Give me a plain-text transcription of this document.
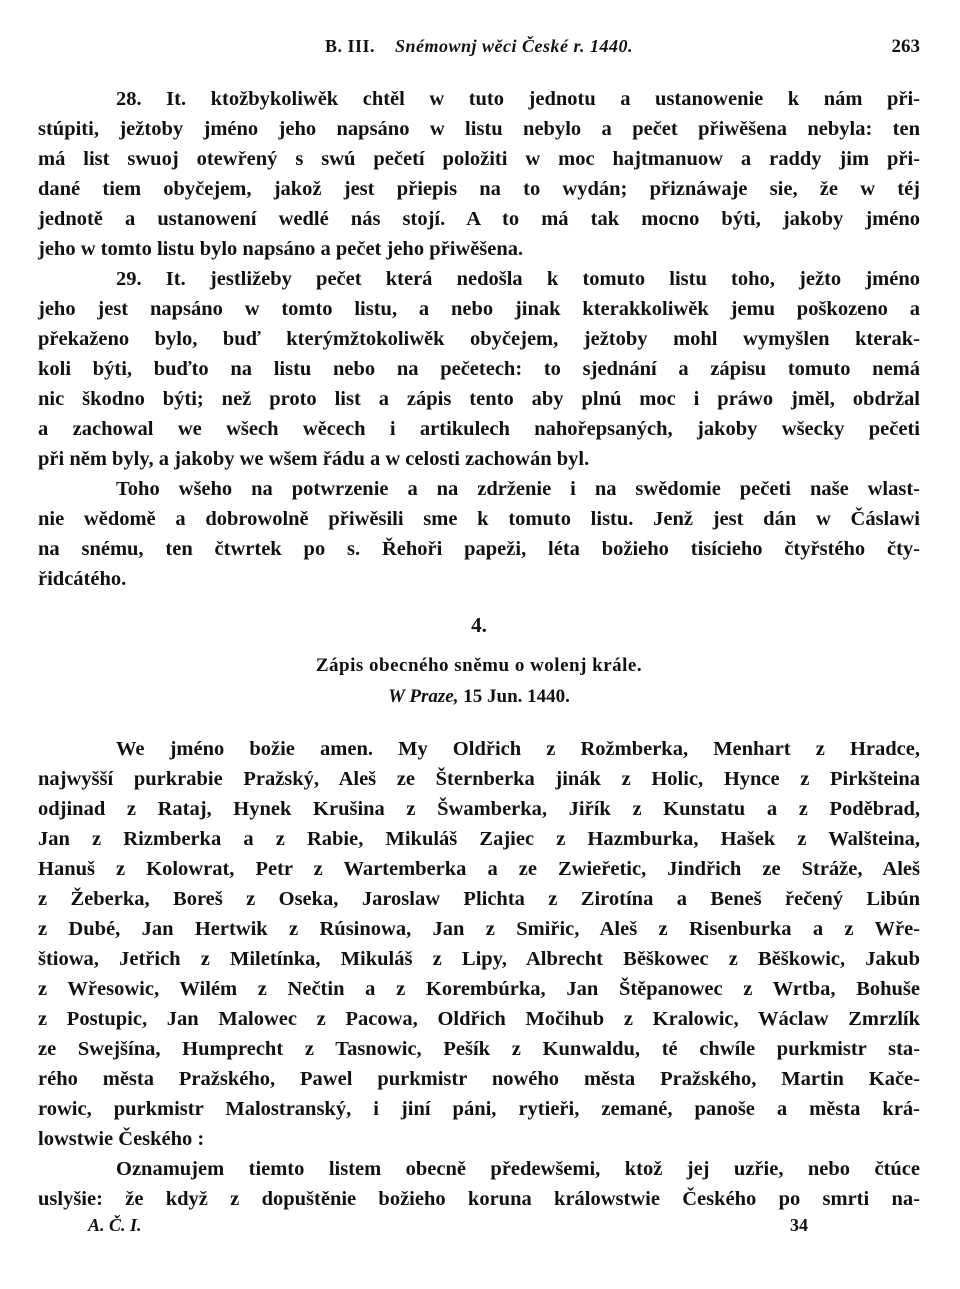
B. III. Snémownj wěci České r. 1440.	263
28. It. ktožbykoliwěk chtěl w tuto jednotu a ustanowenie k nám při-
stúpiti, ježtoby jméno jeho napsáno w listu nebylo a pečet přiwěšena nebyla: ten
má list swuoj otewřený s swú pečetí položiti w moc hajtmanuow a raddy jim při-
dané tiem obyčejem, jakož jest přiepis na to wydán; přiznáwaje sie, že w téj
jednotě a ustanowení wedlé nás stojí. A to má tak mocno býti, jakoby jméno
jeho w tomto listu bylo napsáno a pečet jeho přiwěšena.
29. It. jestližeby pečet která nedošla k tomuto listu toho, ježto jméno
jeho jest napsáno w tomto listu, a nebo jinak kterakkoliwěk jemu poškozeno a
překaženo bylo, buď kterýmžtokoliwěk obyčejem, ježtoby mohl wymyšlen kterak-
koli býti, buďto na listu nebo na pečetech: to sjednání a zápisu tomuto nemá
nic škodno býti; než proto list a zápis tento aby plnú moc i práwo jměl, obdržal
a zachowal we wšech wěcech i artikulech nahořepsaných, jakoby wšecky pečeti
při něm byly, a jakoby we wšem řádu a w celosti zachowán byl.
Toho wšeho na potwrzenie a na zdrženie i na swědomie pečeti naše wlast-
nie wědomě a dobrowolně přiwěsili sme k tomuto listu. Jenž jest dán w Čáslawi
na snému, ten čtwrtek po s. Řehoři papeži, léta božieho tisícieho čtyřstého čty-
řidcátého.
4.
Zápis obecného sněmu o wolenj krále.
W Praze, 15 Jun. 1440.
We jméno božie amen. My Oldřich z Rožmberka, Menhart z Hradce,
najwyšší purkrabie Pražský, Aleš ze Šternberka jinák z Holic, Hynce z Pirkšteina
odjinad z Rataj, Hynek Krušina z Šwamberka, Jiřík z Kunstatu a z Poděbrad,
Jan z Rizmberka a z Rabie, Mikuláš Zajiec z Hazmburka, Hašek z Walšteina,
Hanuš z Kolowrat, Petr z Wartemberka a ze Zwieřetic, Jindřich ze Stráže, Aleš
z Žeberka, Boreš z Oseka, Jaroslaw Plichta z Zirotína a Beneš řečený Libún
z Dubé, Jan Hertwik z Rúsinowa, Jan z Smiřic, Aleš z Risenburka a z Wře-
štiowa, Jetřich z Miletínka, Mikuláš z Lipy, Albrecht Běškowec z Běškowic, Jakub
z Wřesowic, Wilém z Nečtin a z Korembúrka, Jan Štěpanowec z Wrtba, Bohuše
z Postupic, Jan Malowec z Pacowa, Oldřich Močihub z Kralowic, Wáclaw Zmrzlík
ze Swejšína, Humprecht z Tasnowic, Pešík z Kunwaldu, té chwíle purkmistr sta-
rého města Pražského, Pawel purkmistr nowého města Pražského, Martin Kače-
rowic, purkmistr Malostranský, i jiní páni, rytieři, zemané, panoše a města krá-
lowstwie Českého :
Oznamujem tiemto listem obecně předewšemi, ktož jej uzřie, nebo čtúce
uslyšie: že když z dopuštěnie božieho koruna králowstwie Českého po smrti na-
A. Č. I.	34
